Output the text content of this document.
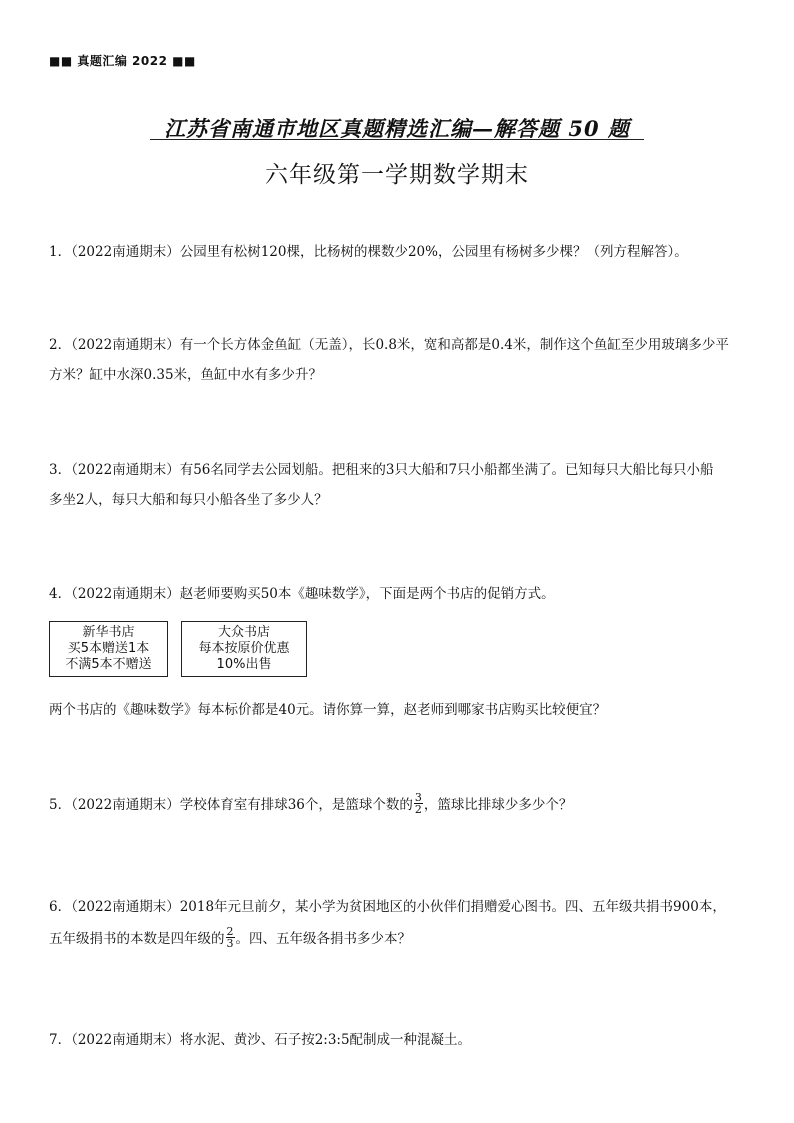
■■ 真题汇编 2022 ■■
江苏省南通市地区真题精选汇编—解答题 50 题
六年级第一学期数学期末

1．（2022南通期末）公园里有松树120棵，比杨树的棵数少20%，公园里有杨树多少棵？（列方程解答）。

2．（2022南通期末）有一个长方体金鱼缸（无盖），长0.8米，宽和高都是0.4米，制作这个鱼缸至少用玻璃多少平

方米？缸中水深0.35米，鱼缸中水有多少升？

3．（2022南通期末）有56名同学去公园划船。把租来的3只大船和7只小船都坐满了。已知每只大船比每只小船

多坐2人，每只大船和每只小船各坐了多少人？

4．（2022南通期末）赵老师要购买50本《趣味数学》，下面是两个书店的促销方式。

新华书店
买5本赠送1本
不满5本不赠送
大众书店
每本按原价优惠
10%出售

两个书店的《趣味数学》每本标价都是40元。请你算一算，赵老师到哪家书店购买比较便宜？

5．（2022南通期末）学校体育室有排球36个，是篮球个数的 $\frac{3}{2}$ ，篮球比排球少多少个？

6．（2022南通期末）2018年元旦前夕，某小学为贫困地区的小伙伴们捐赠爱心图书。四、五年级共捐书900本，

五年级捐书的本数是四年级的 $\frac{2}{3}$ 。四、五年级各捐书多少本？

7．（2022南通期末）将水泥、黄沙、石子按2:3:5配制成一种混凝土。
